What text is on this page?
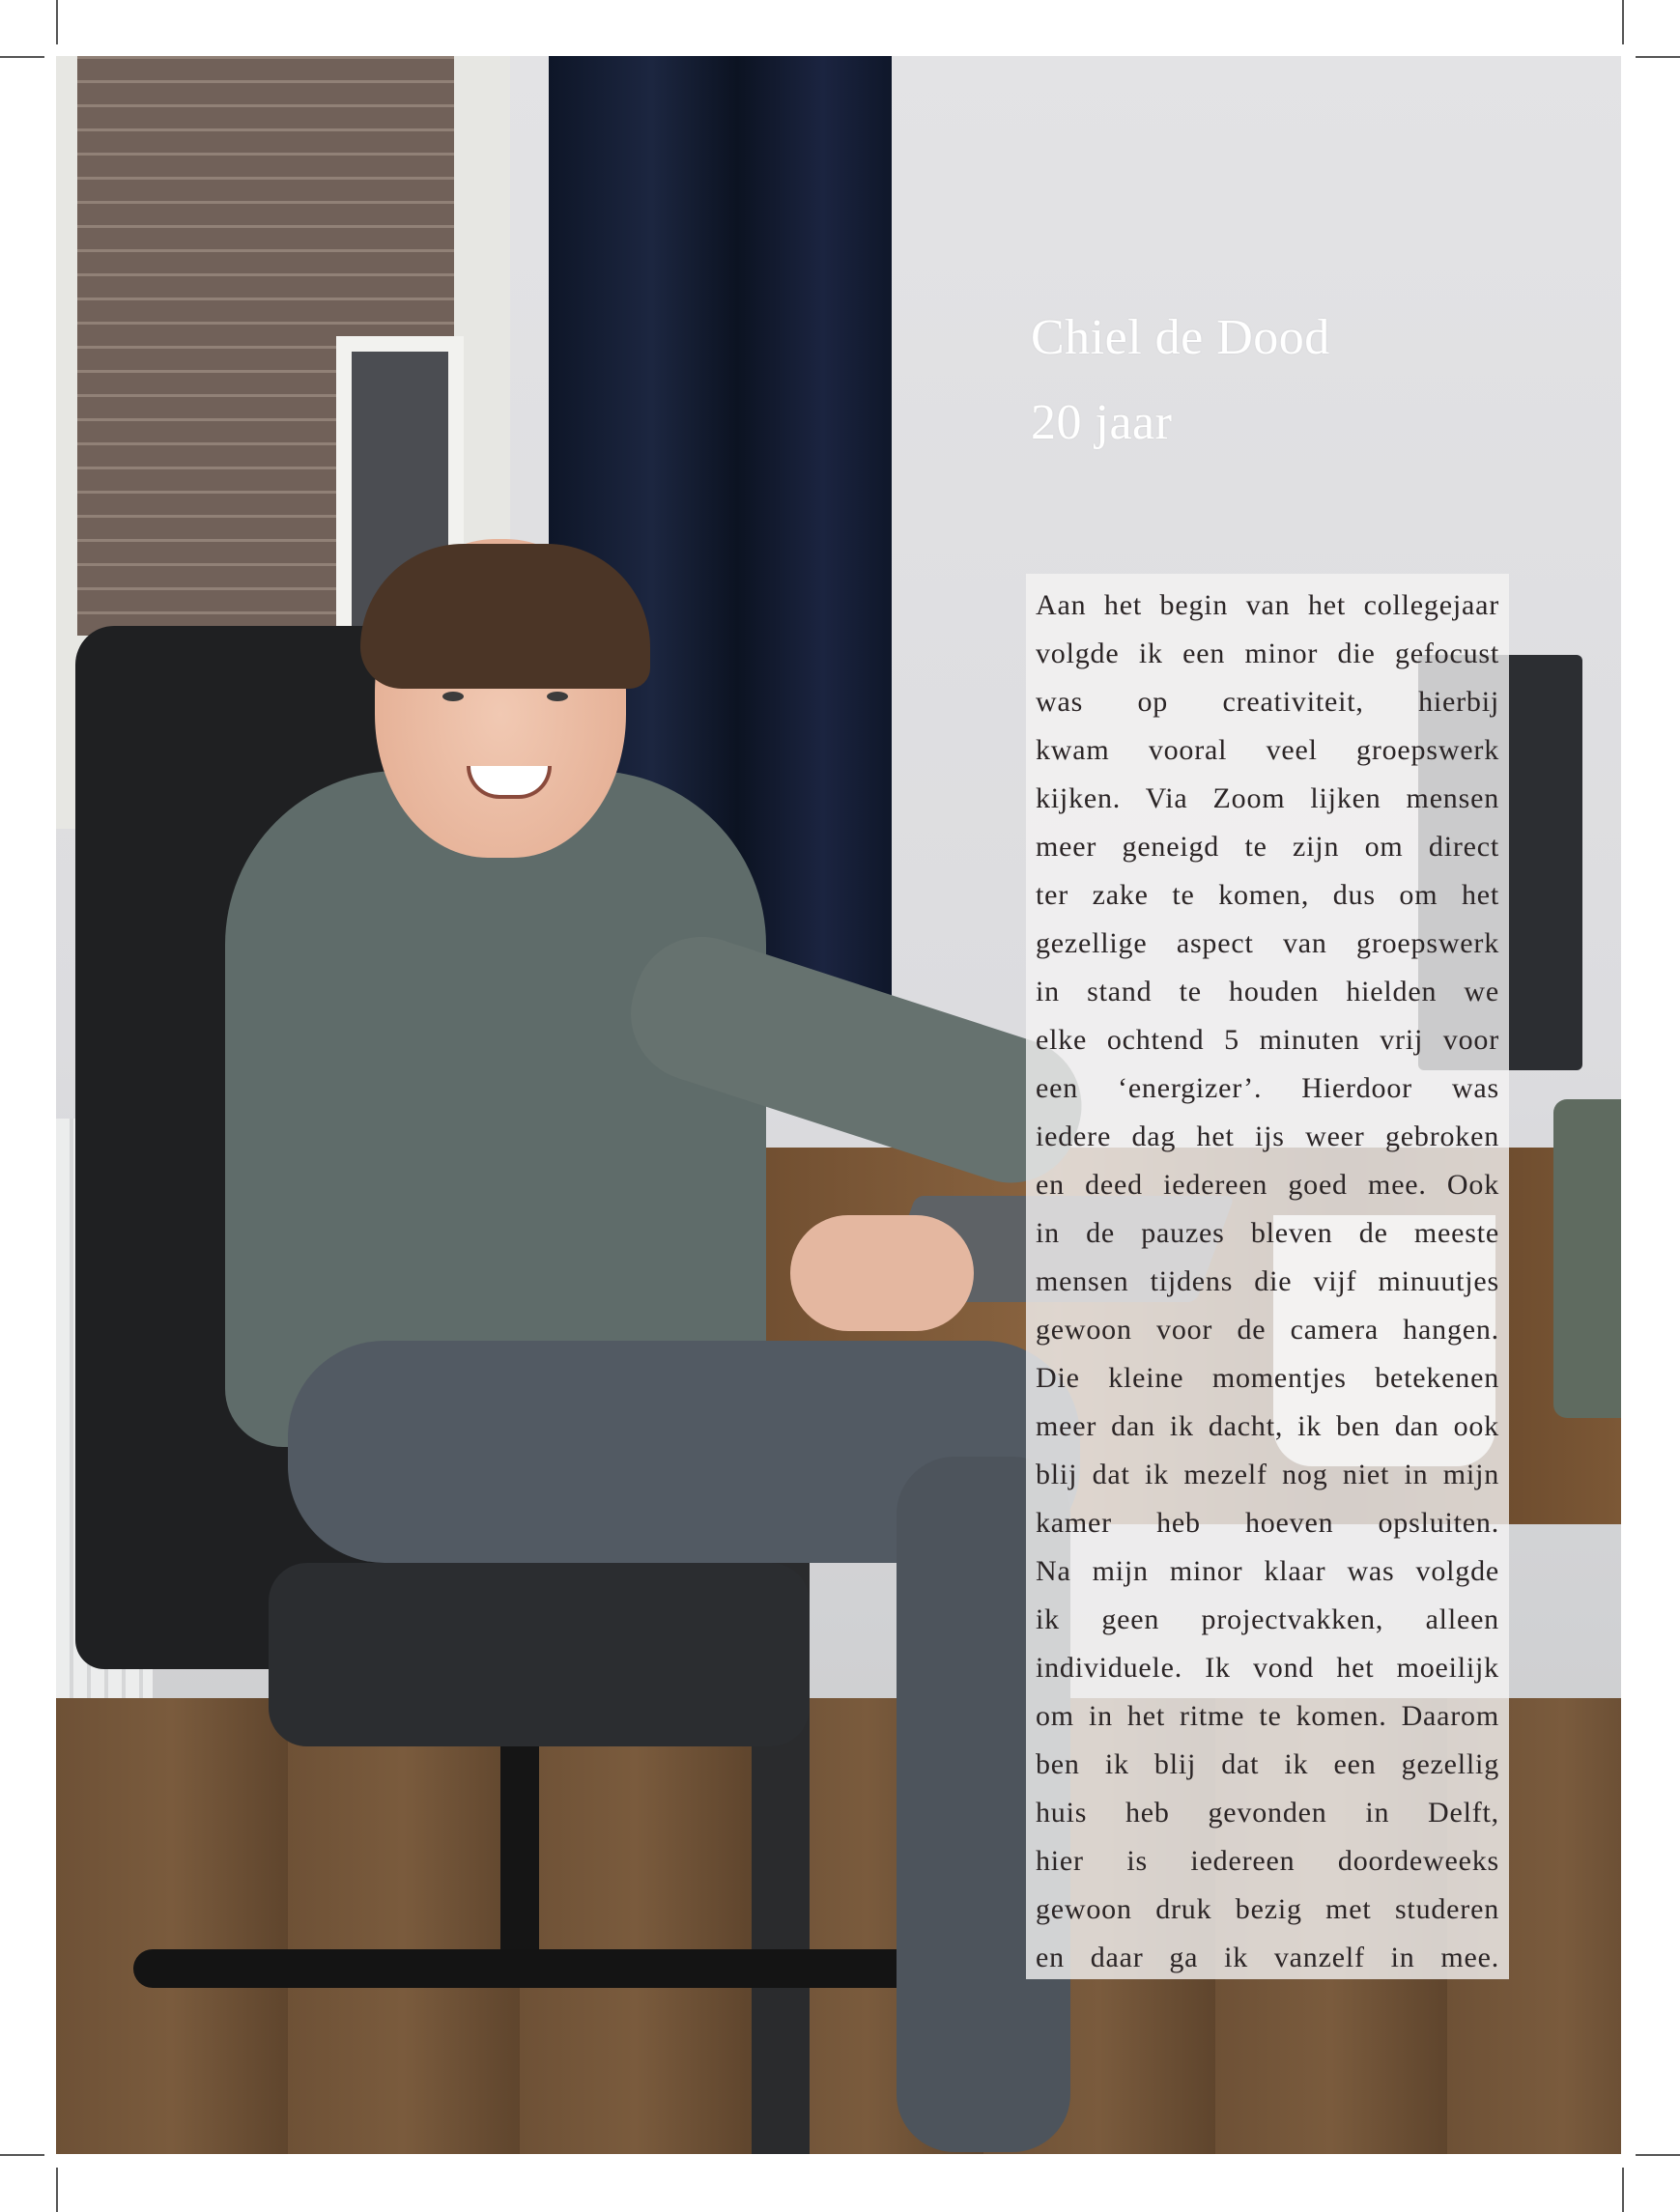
Chiel de Dood
20 jaar
Aan het begin van het collegejaar
volgde ik een minor die gefocust
was op creativiteit, hierbij
kwam vooral veel groepswerk
kijken. Via Zoom lijken mensen
meer geneigd te zijn om direct
ter zake te komen, dus om het
gezellige aspect van groepswerk
in stand te houden hielden we
elke ochtend 5 minuten vrij voor
een ‘energizer’. Hierdoor was
iedere dag het ijs weer gebroken
en deed iedereen goed mee. Ook
in de pauzes bleven de meeste
mensen tijdens die vijf minuutjes
gewoon voor de camera hangen.
Die kleine momentjes betekenen
meer dan ik dacht, ik ben dan ook
blij dat ik mezelf nog niet in mijn
kamer heb hoeven opsluiten.
Na mijn minor klaar was volgde
ik geen projectvakken, alleen
individuele. Ik vond het moeilijk
om in het ritme te komen. Daarom
ben ik blij dat ik een gezellig
huis heb gevonden in Delft,
hier is iedereen doordeweeks
gewoon druk bezig met studeren
en daar ga ik vanzelf in mee.
